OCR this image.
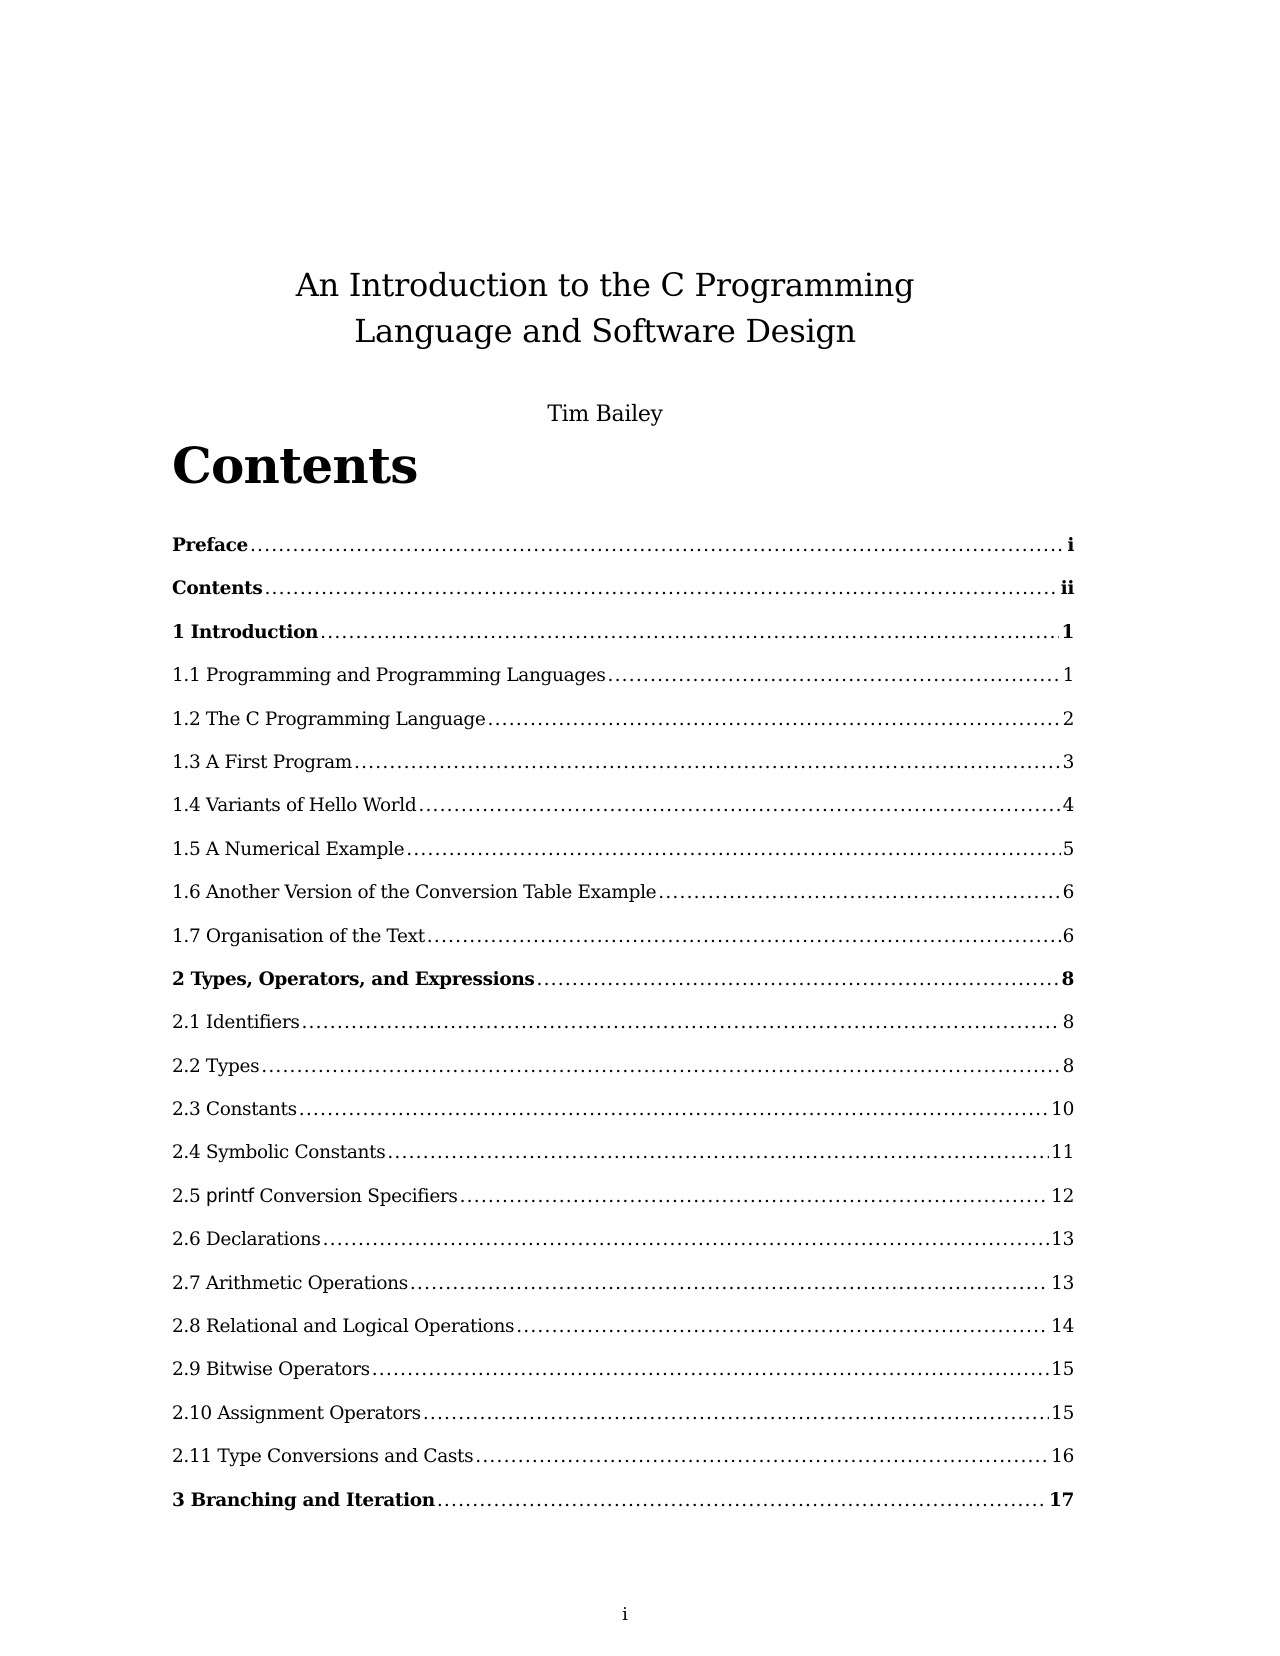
An Introduction to the C Programming
Language and Software Design
Tim Bailey
Contents
Preface .....	i
Contents .....	ii
1 Introduction .....	1
1.1 Programming and Programming Languages .....	1
1.2 The C Programming Language .....	2
1.3 A First Program .....	3
1.4 Variants of Hello World .....	4
1.5 A Numerical Example .....	5
1.6 Another Version of the Conversion Table Example .....	6
1.7 Organisation of the Text .....	6
2 Types, Operators, and Expressions .....	8
2.1 Identifiers .....	8
2.2 Types .....	8
2.3 Constants .....	10
2.4 Symbolic Constants .....	11
2.5 printf Conversion Specifiers .....	12
2.6 Declarations .....	13
2.7 Arithmetic Operations .....	13
2.8 Relational and Logical Operations .....	14
2.9 Bitwise Operators .....	15
2.10 Assignment Operators .....	15
2.11 Type Conversions and Casts .....	16
3 Branching and Iteration .....	17
i
